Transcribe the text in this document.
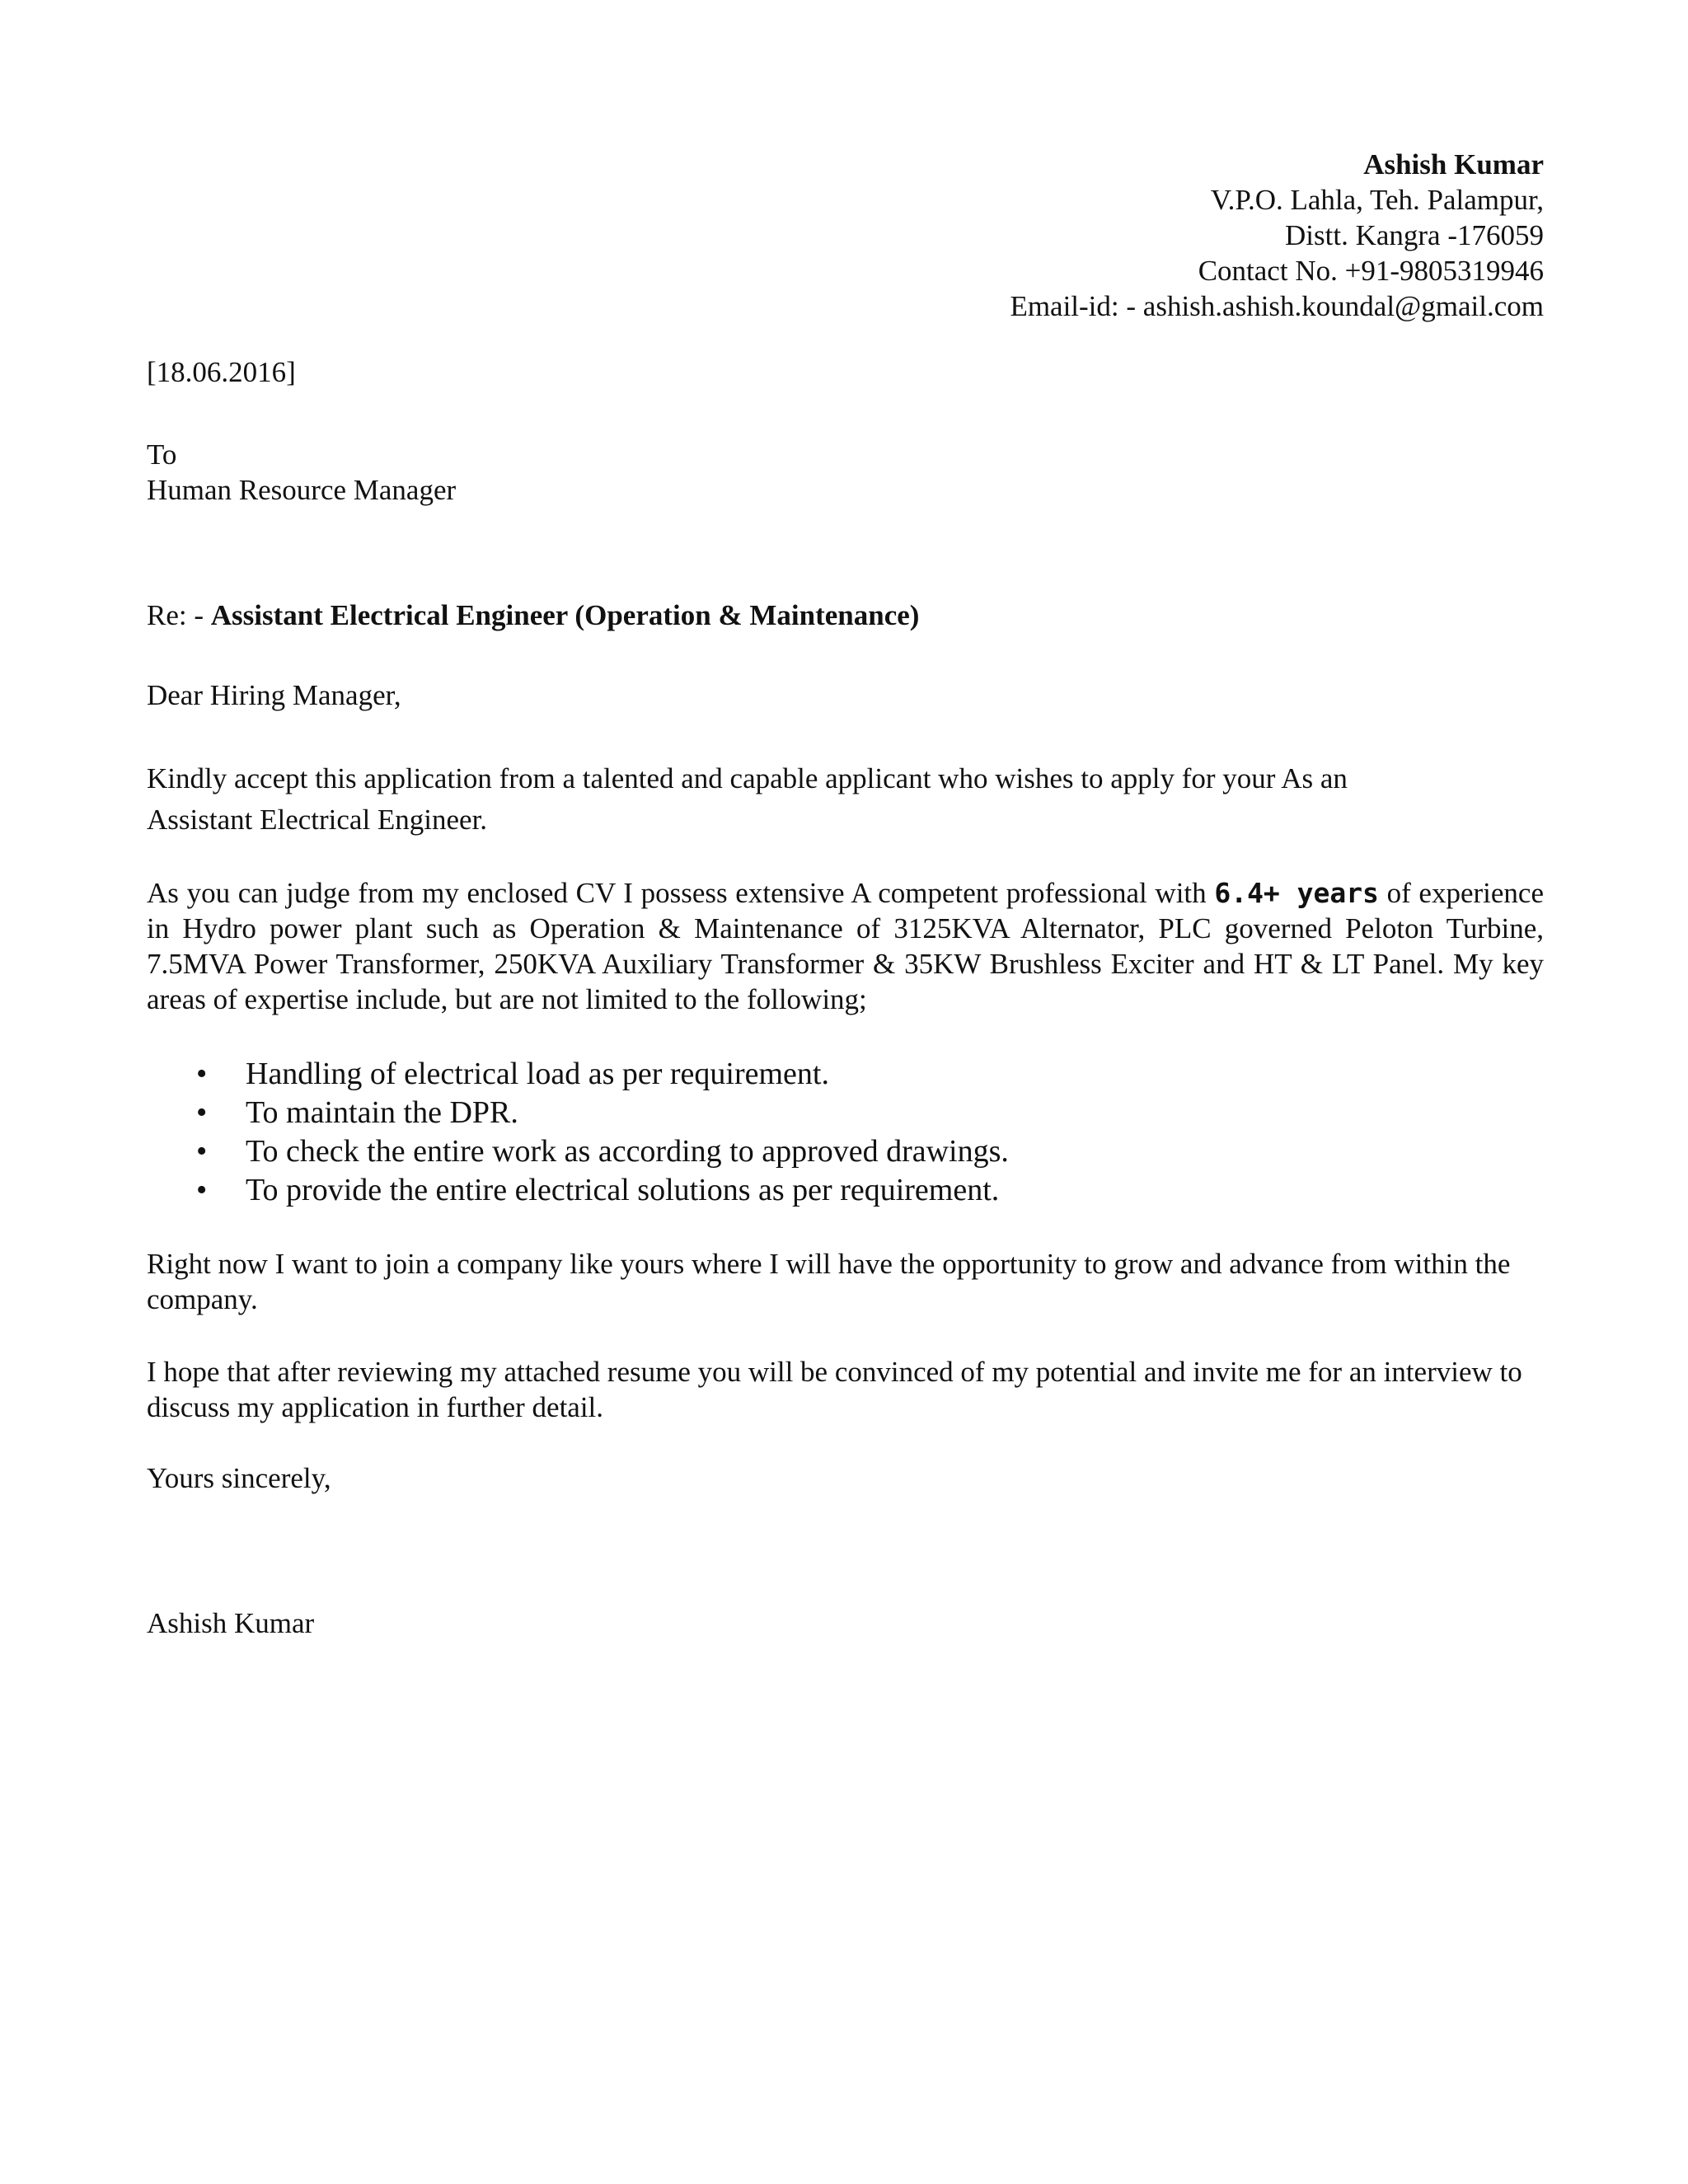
Ashish Kumar
V.P.O. Lahla, Teh. Palampur,
Distt. Kangra -176059
Contact No. +91-9805319946
Email-id: - ashish.ashish.koundal@gmail.com
[18.06.2016]
To
Human Resource Manager
Re: - Assistant Electrical Engineer (Operation & Maintenance)
Dear Hiring Manager,
Kindly accept this application from a talented and capable applicant who wishes to apply for your As an
Assistant Electrical Engineer.
As you can judge from my enclosed CV I possess extensive A competent professional with 6.4+ years of experience in Hydro power plant such as Operation & Maintenance of 3125KVA Alternator, PLC governed Peloton Turbine, 7.5MVA Power Transformer, 250KVA Auxiliary Transformer & 35KW Brushless Exciter and HT & LT Panel. My key areas of expertise include, but are not limited to the following;
• Handling of electrical load as per requirement.
• To maintain the DPR.
• To check the entire work as according to approved drawings.
• To provide the entire electrical solutions as per requirement.
Right now I want to join a company like yours where I will have the opportunity to grow and advance from within the company.
I hope that after reviewing my attached resume you will be convinced of my potential and invite me for an interview to discuss my application in further detail.
Yours sincerely,
Ashish Kumar
